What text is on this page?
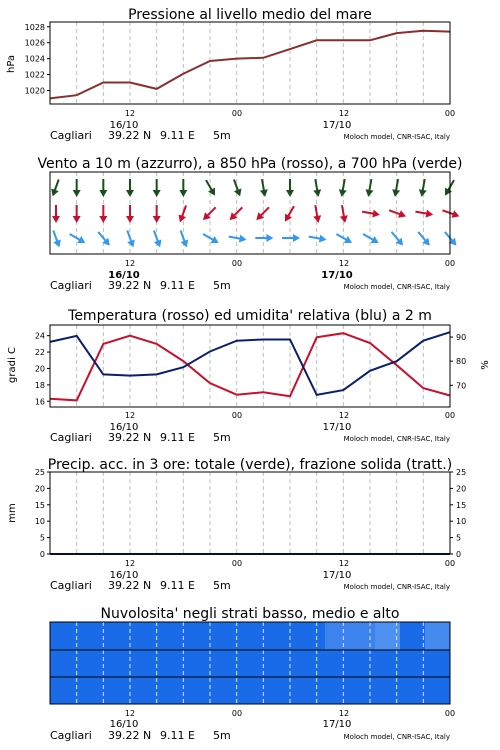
Pressione al livello medio del mare
hPa
1020
1022
1024
1026
1028
12	00	12	00
16/10	17/10
Cagliari 39.22 N 9.11 E 5m	Moloch model, CNR-ISAC, Italy
Vento a 10 m (azzurro), a 850 hPa (rosso), a 700 hPa (verde)
12	00	12	00
16/10	17/10
Cagliari 39.22 N 9.11 E 5m	Moloch model, CNR-ISAC, Italy
Temperatura (rosso) ed umidita' relativa (blu) a 2 m
gradi C	%
16
18
20
22
24
70
80
90
12	00	12	00
16/10	17/10
Cagliari 39.22 N 9.11 E 5m	Moloch model, CNR-ISAC, Italy
Precip. acc. in 3 ore: totale (verde), frazione solida (tratt.)
mm
0
5
10
15
20
25
0
5
10
15
20
25
12	00	12	00
16/10	17/10
Cagliari 39.22 N 9.11 E 5m	Moloch model, CNR-ISAC, Italy
Nuvolosita' negli strati basso, medio e alto
12	00	12	00
16/10	17/10
Cagliari 39.22 N 9.11 E 5m	Moloch model, CNR-ISAC, Italy
